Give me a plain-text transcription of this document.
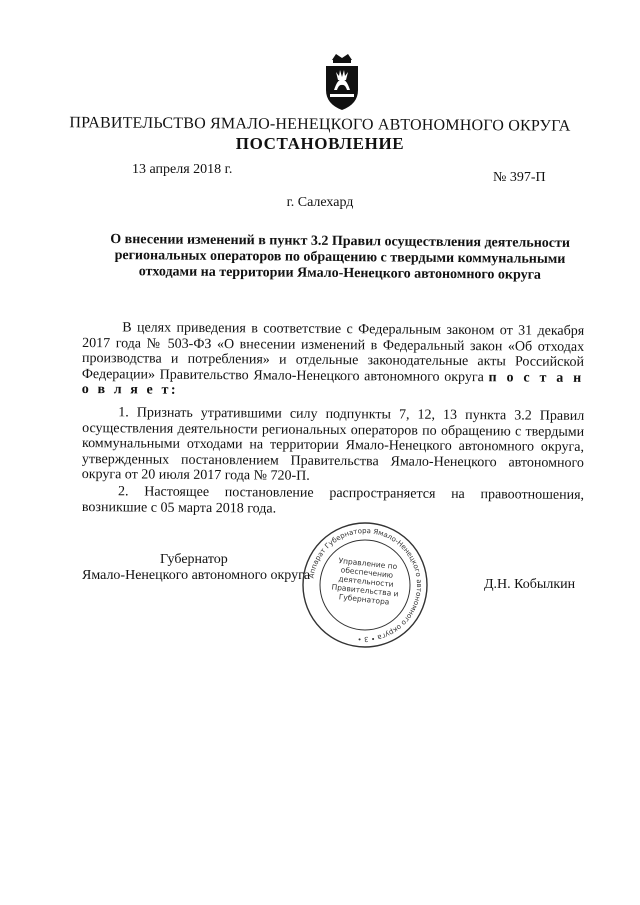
ПРАВИТЕЛЬСТВО ЯМАЛО-НЕНЕЦКОГО АВТОНОМНОГО ОКРУГА
ПОСТАНОВЛЕНИЕ
13 апреля 2018 г.
№ 397-П
г. Салехард
О внесении изменений в пункт 3.2 Правил осуществления деятельности региональных операторов по обращению с твердыми коммунальными отходами на территории Ямало-Ненецкого автономного округа
В целях приведения в соответствие с Федеральным законом от 31 декабря 2017 года № 503-ФЗ «О внесении изменений в Федеральный закон «Об отходах производства и потребления» и отдельные законодательные акты Российской Федерации» Правительство Ямало-Ненецкого автономного округа п о с т а н о в л я е т:
1. Признать утратившими силу подпункты 7, 12, 13 пункта 3.2 Правил осуществления деятельности региональных операторов по обращению с твердыми коммунальными отходами на территории Ямало-Ненецкого автономного округа, утвержденных постановлением Правительства Ямало-Ненецкого автономного округа от 20 июля 2017 года № 720-П.
2. Настоящее постановление распространяется на правоотношения, возникшие с 05 марта 2018 года.
Губернатор
Ямало-Ненецкого автономного округа
Д.Н. Кобылкин
Аппарат Губернатора Ямало-Ненецкого автономного округа • 3 •
Управление по обеспечению деятельности Правительства и Губернатора
